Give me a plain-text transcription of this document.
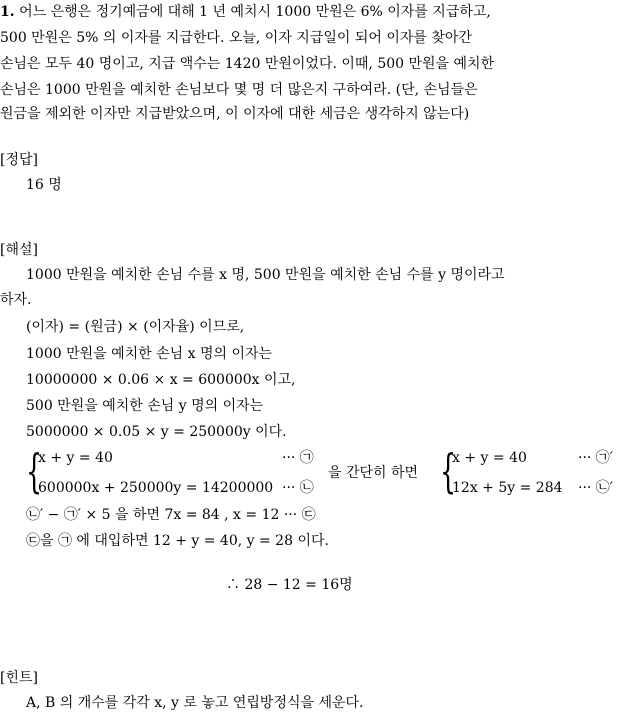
1. 어느 은행은 정기예금에 대해 1 년 예치시 1000 만원은 6% 이자를 지급하고,
500 만원은 5% 의 이자를 지급한다. 오늘, 이자 지급일이 되어 이자를 찾아간
손님은 모두 40 명이고, 지급 액수는 1420 만원이었다. 이때, 500 만원을 예치한
손님은 1000 만원을 예치한 손님보다 몇 명 더 많은지 구하여라. (단, 손님들은
원금을 제외한 이자만 지급받았으며, 이 이자에 대한 세금은 생각하지 않는다)
[정답]
16 명
[해설]
1000 만원을 예치한 손님 수를 x 명, 500 만원을 예치한 손님 수를 y 명이라고
하자.
(이자) = (원금) × (이자율) 이므로,
1000 만원을 예치한 손님 x 명의 이자는
10000000 × 0.06 × x = 600000x 이고,
500 만원을 예치한 손님 y 명의 이자는
5000000 × 0.05 × y = 250000y 이다.
{
x + y = 40
600000x + 250000y = 14200000
··· ㉠
··· ㉡
을 간단히 하면 {
x + y = 40
12x + 5y = 284
··· ㉠′
··· ㉡′
㉡′ − ㉠′ × 5 을 하면 7x = 84 , x = 12 ··· ㉢
㉢을 ㉠ 에 대입하면 12 + y = 40, y = 28 이다.
∴ 28 − 12 = 16명
[힌트]
A, B 의 개수를 각각 x, y 로 놓고 연립방정식을 세운다.
